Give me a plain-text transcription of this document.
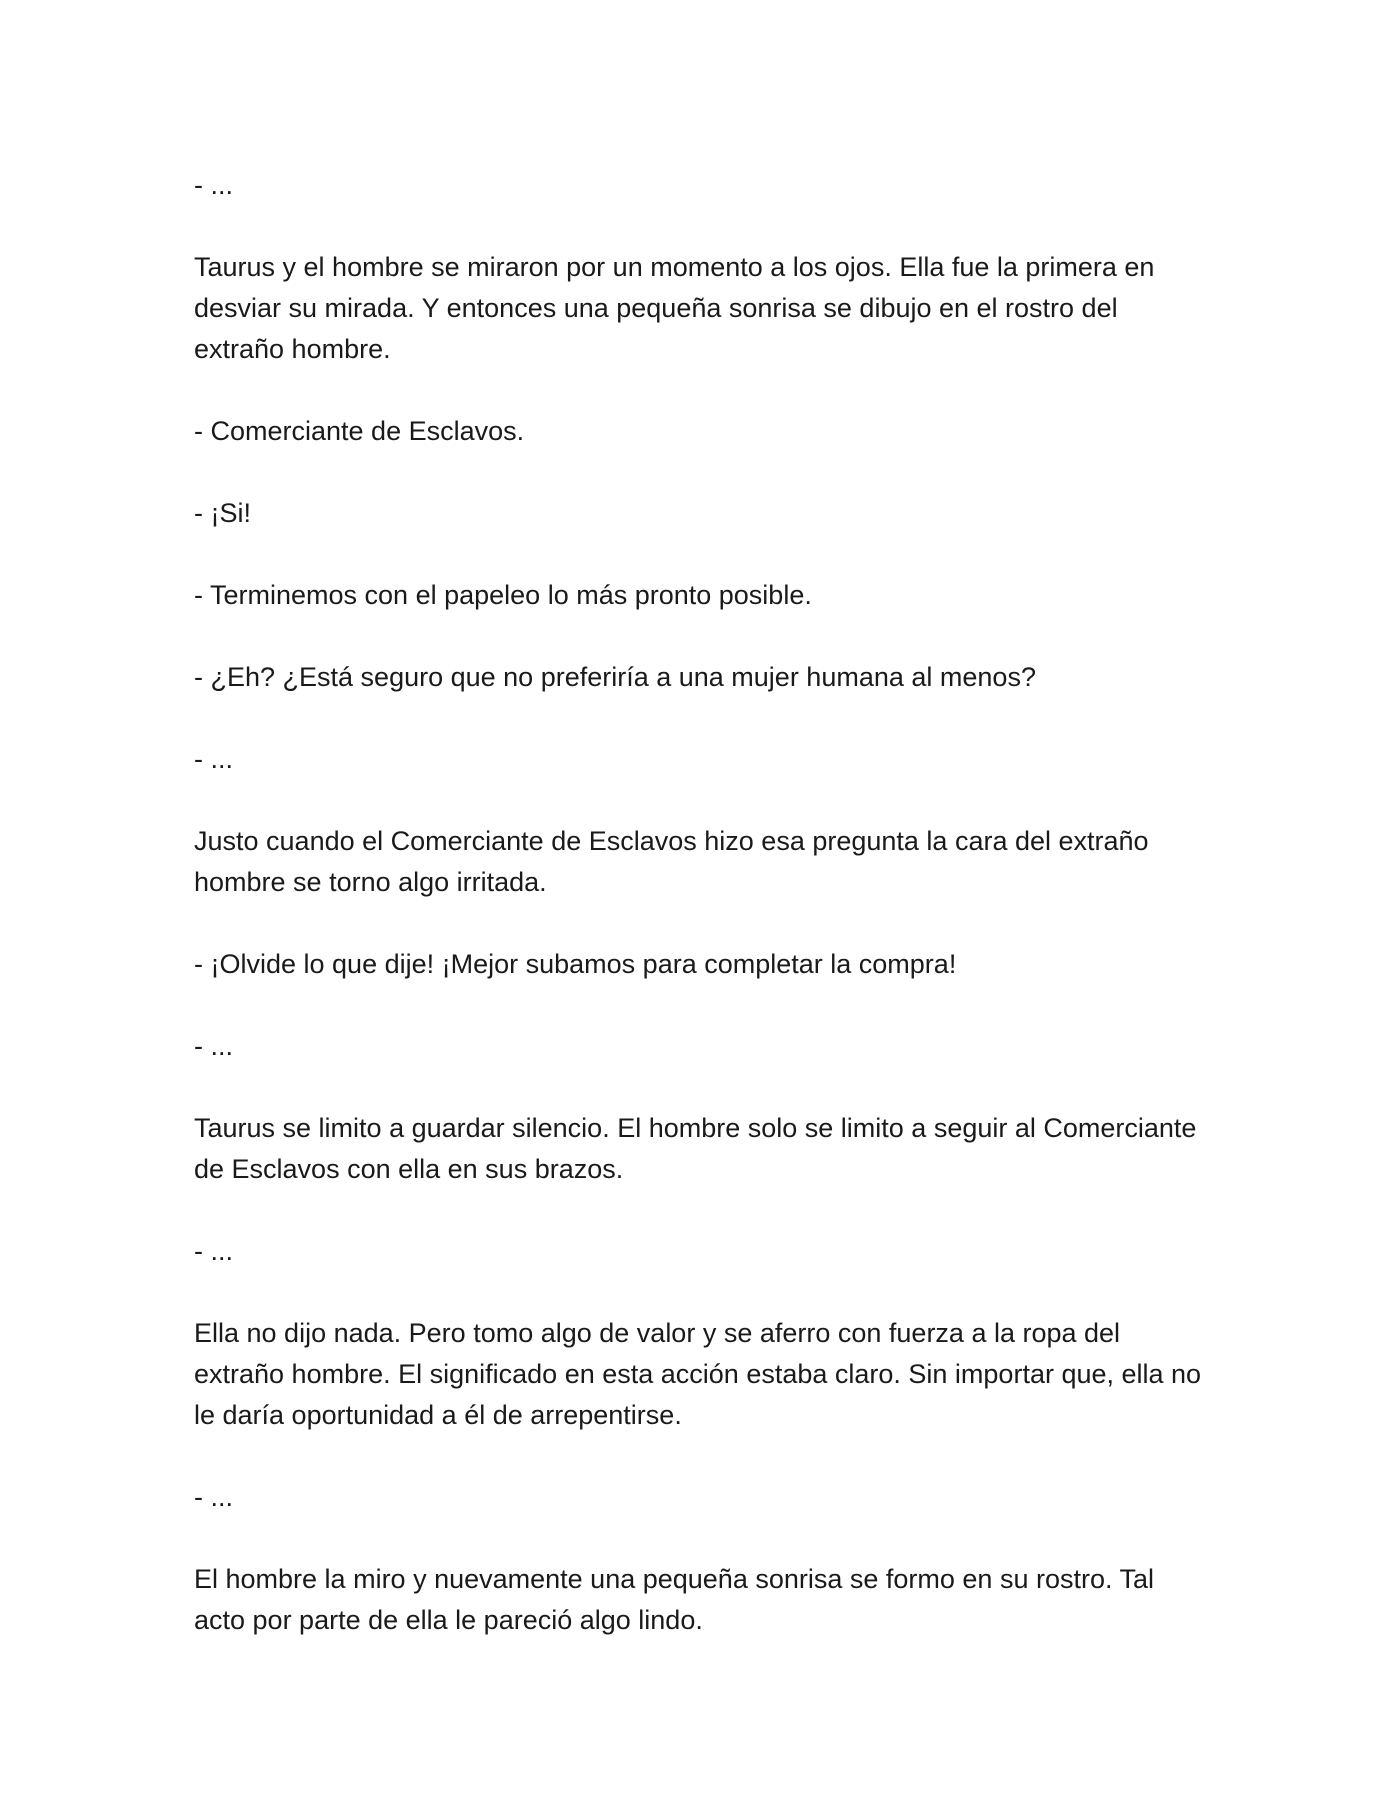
- ...

Taurus y el hombre se miraron por un momento a los ojos. Ella fue la primera en desviar su mirada. Y entonces una pequeña sonrisa se dibujo en el rostro del extraño hombre.

- Comerciante de Esclavos.

- ¡Si!

- Terminemos con el papeleo lo más pronto posible.

- ¿Eh? ¿Está seguro que no preferiría a una mujer humana al menos?

- ...

Justo cuando el Comerciante de Esclavos hizo esa pregunta la cara del extraño hombre se torno algo irritada.

- ¡Olvide lo que dije! ¡Mejor subamos para completar la compra!

- ...

Taurus se limito a guardar silencio. El hombre solo se limito a seguir al Comerciante de Esclavos con ella en sus brazos.

- ...

Ella no dijo nada. Pero tomo algo de valor y se aferro con fuerza a la ropa del extraño hombre. El significado en esta acción estaba claro. Sin importar que, ella no le daría oportunidad a él de arrepentirse.

- ...

El hombre la miro y nuevamente una pequeña sonrisa se formo en su rostro. Tal acto por parte de ella le pareció algo lindo.
